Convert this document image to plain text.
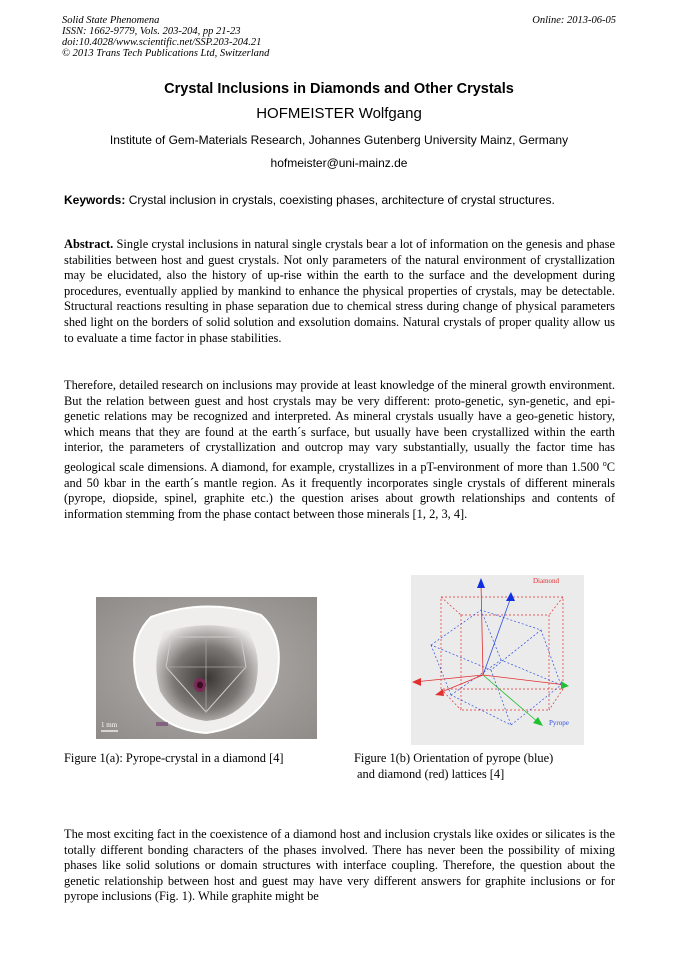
Solid State Phenomena
ISSN: 1662-9779, Vols. 203-204, pp 21-23
doi:10.4028/www.scientific.net/SSP.203-204.21
© 2013 Trans Tech Publications Ltd, Switzerland
Online: 2013-06-05
Crystal Inclusions in Diamonds and Other Crystals
HOFMEISTER Wolfgang
Institute of Gem-Materials Research, Johannes Gutenberg University Mainz, Germany
hofmeister@uni-mainz.de
Keywords: Crystal inclusion in crystals, coexisting phases, architecture of crystal structures.

Abstract. Single crystal inclusions in natural single crystals bear a lot of information on the genesis and phase stabilities between host and guest crystals. Not only parameters of the natural environment of crystallization may be elucidated, also the history of up-rise within the earth to the surface and the development during procedures, eventually applied by mankind to enhance the physical properties of crystals, may be detectable. Structural reactions resulting in phase separation due to chemical stress during change of physical parameters shed light on the borders of solid solution and exsolution domains. Natural crystals of proper quality allow us to evaluate a time factor in phase stabilities.

Therefore, detailed research on inclusions may provide at least knowledge of the mineral growth environment. But the relation between guest and host crystals may be very different: proto-genetic, syn-genetic, and epi-genetic relations may be recognized and interpreted. As mineral crystals usually have a geo-genetic history, which means that they are found at the earth´s surface, but usually have been crystallized within the earth interior, the parameters of crystallization and outcrop may vary substantially, usually the factor time has geological scale dimensions. A diamond, for example, crystallizes in a pT-environment of more than 1.500 $^o$C and 50 kbar in the earth´s mantle region. As it frequently incorporates single crystals of different minerals (pyrope, diopside, spinel, graphite etc.) the question arises about growth relationships and contents of information stemming from the phase contact between those minerals [1, 2, 3, 4].

1 mm
Diamond
Pyrope
Figure 1(a): Pyrope-crystal in a diamond [4]	Figure 1(b) Orientation of pyrope (blue)
and diamond (red) lattices [4]

The most exciting fact in the coexistence of a diamond host and inclusion crystals like oxides or silicates is the totally different bonding characters of the phases involved. There has never been the possibility of mixing phases like solid solutions or domain structures with interface coupling. Therefore, the question about the genetic relationship between host and guest may have very different answers for graphite inclusions or for pyrope inclusions (Fig. 1). While graphite might be
